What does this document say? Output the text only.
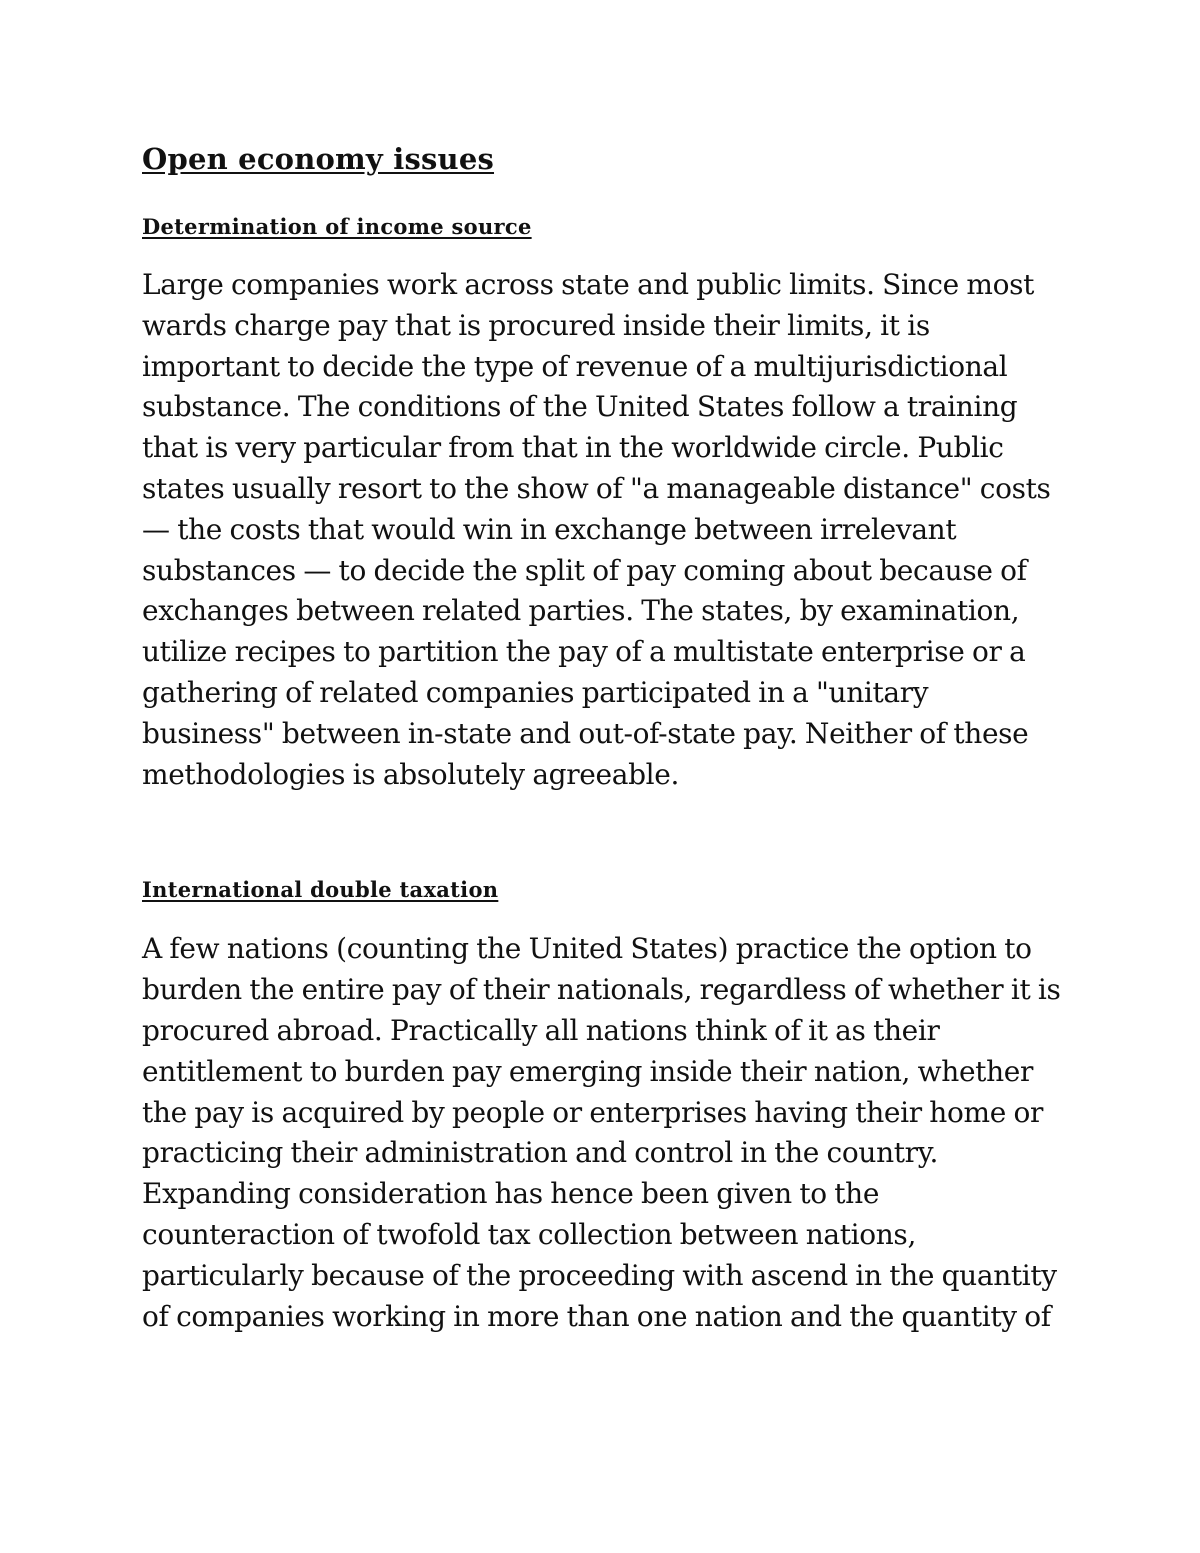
Open economy issues
Determination of income source

Large companies work across state and public limits. Since most
wards charge pay that is procured inside their limits, it is
important to decide the type of revenue of a multijurisdictional
substance. The conditions of the United States follow a training
that is very particular from that in the worldwide circle. Public
states usually resort to the show of "a manageable distance" costs
— the costs that would win in exchange between irrelevant
substances — to decide the split of pay coming about because of
exchanges between related parties. The states, by examination,
utilize recipes to partition the pay of a multistate enterprise or a
gathering of related companies participated in a "unitary
business" between in-state and out-of-state pay. Neither of these
methodologies is absolutely agreeable.

International double taxation

A few nations (counting the United States) practice the option to
burden the entire pay of their nationals, regardless of whether it is
procured abroad. Practically all nations think of it as their
entitlement to burden pay emerging inside their nation, whether
the pay is acquired by people or enterprises having their home or
practicing their administration and control in the country.
Expanding consideration has hence been given to the
counteraction of twofold tax collection between nations,
particularly because of the proceeding with ascend in the quantity
of companies working in more than one nation and the quantity of
